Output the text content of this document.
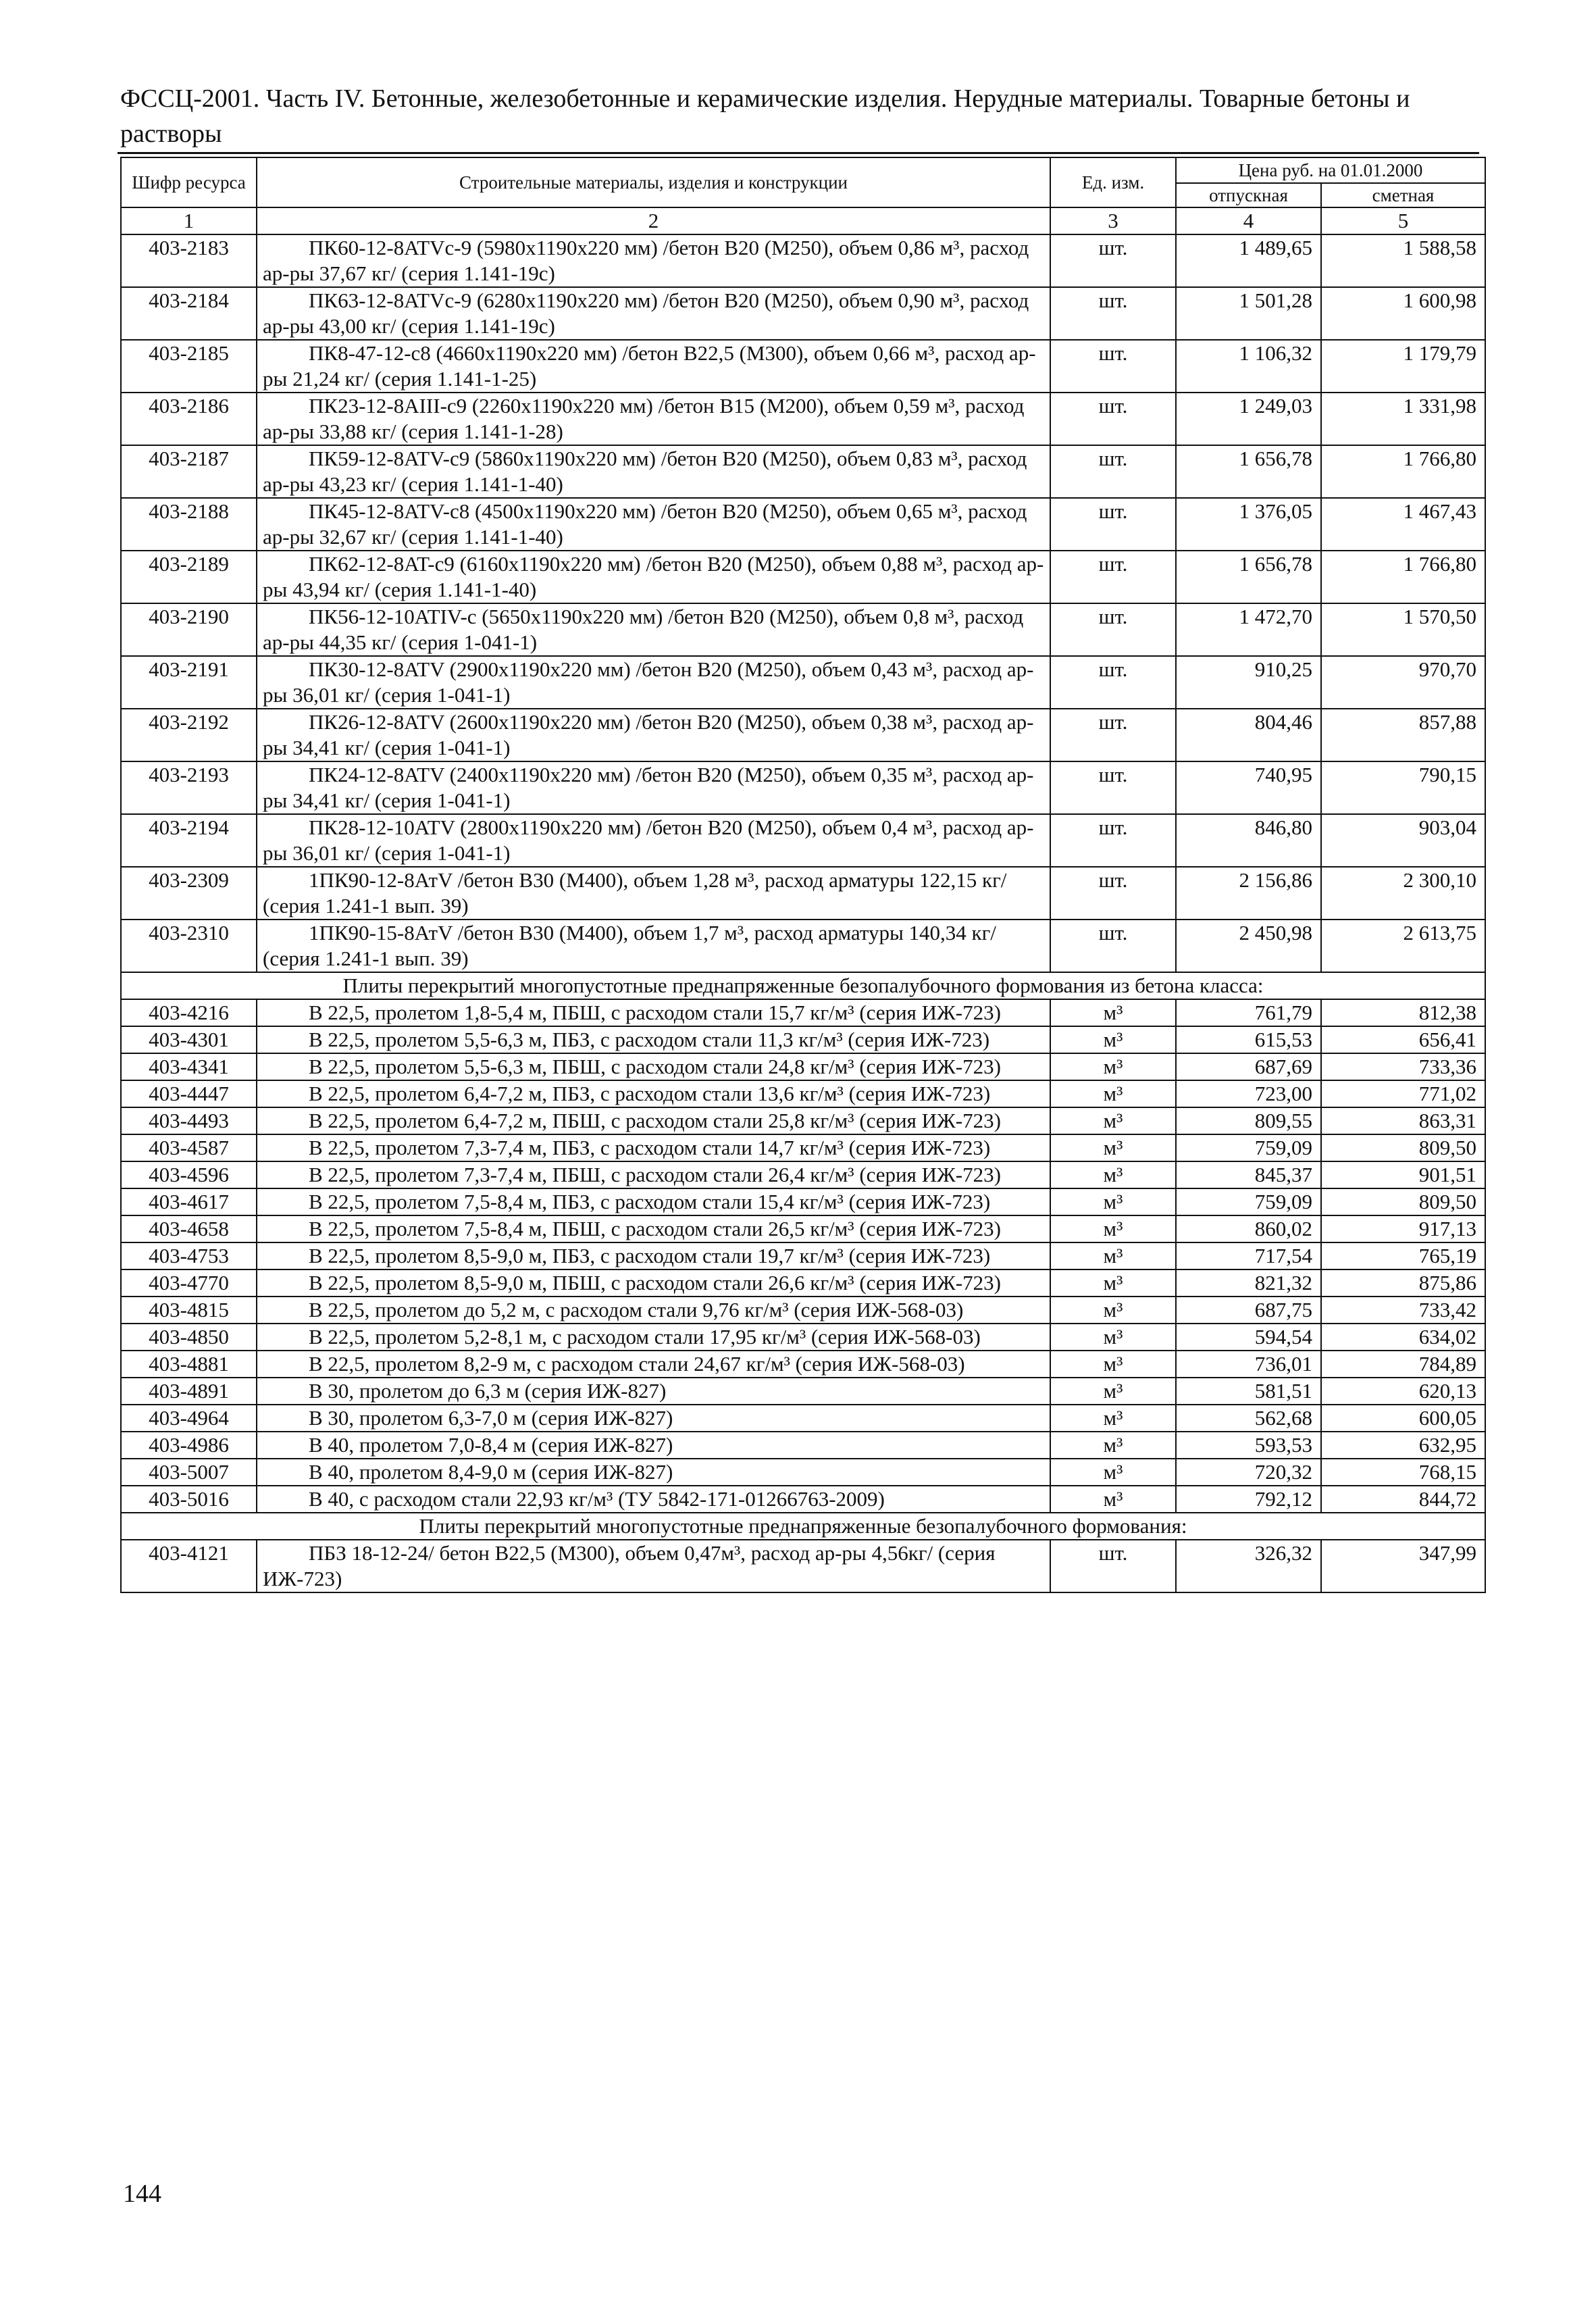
ФССЦ-2001. Часть IV. Бетонные, железобетонные и керамические изделия. Нерудные материалы. Товарные бетоны и растворы
Шифр ресурса	Строительные материалы, изделия и конструкции	Ед. изм.	Цена руб. на 01.01.2000	
			отпускная	сметная
1	2	3	4	5
403-2183	ПК60-12-8ATVc-9 (5980x1190x220 мм) /бетон В20 (М250), объем 0,86 м³, расход ар-ры 37,67 кг/ (серия 1.141-19с)	шт.	1 489,65	1 588,58
403-2184	ПК63-12-8ATVc-9 (6280x1190x220 мм) /бетон В20 (М250), объем 0,90 м³, расход ар-ры 43,00 кг/ (серия 1.141-19с)	шт.	1 501,28	1 600,98
403-2185	ПК8-47-12-с8 (4660x1190x220 мм) /бетон В22,5 (М300), объем 0,66 м³, расход ар-ры 21,24 кг/ (серия 1.141-1-25)	шт.	1 106,32	1 179,79
403-2186	ПК23-12-8АIII-с9 (2260x1190x220 мм) /бетон В15 (М200), объем 0,59 м³, расход ар-ры 33,88 кг/ (серия 1.141-1-28)	шт.	1 249,03	1 331,98
403-2187	ПК59-12-8ATV-c9 (5860x1190x220 мм) /бетон В20 (М250), объем 0,83 м³, расход ар-ры 43,23 кг/ (серия 1.141-1-40)	шт.	1 656,78	1 766,80
403-2188	ПК45-12-8ATV-c8 (4500x1190x220 мм) /бетон В20 (М250), объем 0,65 м³, расход ар-ры 32,67 кг/ (серия 1.141-1-40)	шт.	1 376,05	1 467,43
403-2189	ПК62-12-8AT-c9 (6160x1190x220 мм) /бетон В20 (М250), объем 0,88 м³, расход ар-ры 43,94 кг/ (серия 1.141-1-40)	шт.	1 656,78	1 766,80
403-2190	ПК56-12-10ATIV-c (5650x1190x220 мм) /бетон В20 (М250), объем 0,8 м³, расход ар-ры 44,35 кг/ (серия 1-041-1)	шт.	1 472,70	1 570,50
403-2191	ПК30-12-8ATV (2900x1190x220 мм) /бетон В20 (М250), объем 0,43 м³, расход ар-ры 36,01 кг/ (серия 1-041-1)	шт.	910,25	970,70
403-2192	ПК26-12-8ATV (2600x1190x220 мм) /бетон В20 (М250), объем 0,38 м³, расход ар-ры 34,41 кг/ (серия 1-041-1)	шт.	804,46	857,88
403-2193	ПК24-12-8ATV (2400x1190x220 мм) /бетон В20 (М250), объем 0,35 м³, расход ар-ры 34,41 кг/ (серия 1-041-1)	шт.	740,95	790,15
403-2194	ПК28-12-10ATV (2800x1190x220 мм) /бетон В20 (М250), объем 0,4 м³, расход ар-ры 36,01 кг/ (серия 1-041-1)	шт.	846,80	903,04
403-2309	1ПК90-12-8АтV /бетон В30 (М400), объем 1,28 м³, расход арматуры 122,15 кг/ (серия 1.241-1 вып. 39)	шт.	2 156,86	2 300,10
403-2310	1ПК90-15-8АтV /бетон В30 (М400), объем 1,7 м³, расход арматуры 140,34 кг/ (серия 1.241-1 вып. 39)	шт.	2 450,98	2 613,75
Плиты перекрытий многопустотные преднапряженные безопалубочного формования из бетона класса:				
403-4216	В 22,5, пролетом 1,8-5,4 м, ПБШ, с расходом стали 15,7 кг/м³ (серия ИЖ-723)	м³	761,79	812,38
403-4301	В 22,5, пролетом 5,5-6,3 м, ПБЗ, с расходом стали 11,3 кг/м³ (серия ИЖ-723)	м³	615,53	656,41
403-4341	В 22,5, пролетом 5,5-6,3 м, ПБШ, с расходом стали 24,8 кг/м³ (серия ИЖ-723)	м³	687,69	733,36
403-4447	В 22,5, пролетом 6,4-7,2 м, ПБЗ, с расходом стали 13,6 кг/м³ (серия ИЖ-723)	м³	723,00	771,02
403-4493	В 22,5, пролетом 6,4-7,2 м, ПБШ, с расходом стали 25,8 кг/м³ (серия ИЖ-723)	м³	809,55	863,31
403-4587	В 22,5, пролетом 7,3-7,4 м, ПБЗ, с расходом стали 14,7 кг/м³ (серия ИЖ-723)	м³	759,09	809,50
403-4596	В 22,5, пролетом 7,3-7,4 м, ПБШ, с расходом стали 26,4 кг/м³ (серия ИЖ-723)	м³	845,37	901,51
403-4617	В 22,5, пролетом 7,5-8,4 м, ПБЗ, с расходом стали 15,4 кг/м³ (серия ИЖ-723)	м³	759,09	809,50
403-4658	В 22,5, пролетом 7,5-8,4 м, ПБШ, с расходом стали 26,5 кг/м³ (серия ИЖ-723)	м³	860,02	917,13
403-4753	В 22,5, пролетом 8,5-9,0 м, ПБЗ, с расходом стали 19,7 кг/м³ (серия ИЖ-723)	м³	717,54	765,19
403-4770	В 22,5, пролетом 8,5-9,0 м, ПБШ, с расходом стали 26,6 кг/м³ (серия ИЖ-723)	м³	821,32	875,86
403-4815	В 22,5, пролетом до 5,2 м, с расходом стали 9,76 кг/м³ (серия ИЖ-568-03)	м³	687,75	733,42
403-4850	В 22,5, пролетом 5,2-8,1 м, с расходом стали 17,95 кг/м³ (серия ИЖ-568-03)	м³	594,54	634,02
403-4881	В 22,5, пролетом 8,2-9 м, с расходом стали 24,67 кг/м³ (серия ИЖ-568-03)	м³	736,01	784,89
403-4891	В 30, пролетом до 6,3 м (серия ИЖ-827)	м³	581,51	620,13
403-4964	В 30, пролетом 6,3-7,0 м (серия ИЖ-827)	м³	562,68	600,05
403-4986	В 40, пролетом 7,0-8,4 м (серия ИЖ-827)	м³	593,53	632,95
403-5007	В 40, пролетом 8,4-9,0 м (серия ИЖ-827)	м³	720,32	768,15
403-5016	В 40, с расходом стали 22,93 кг/м³ (ТУ 5842-171-01266763-2009)	м³	792,12	844,72
Плиты перекрытий многопустотные преднапряженные безопалубочного формования:				
403-4121	ПБЗ 18-12-24/ бетон В22,5 (М300), объем 0,47м³, расход ар-ры 4,56кг/ (серия ИЖ-723)	шт.	326,32	347,99
144
